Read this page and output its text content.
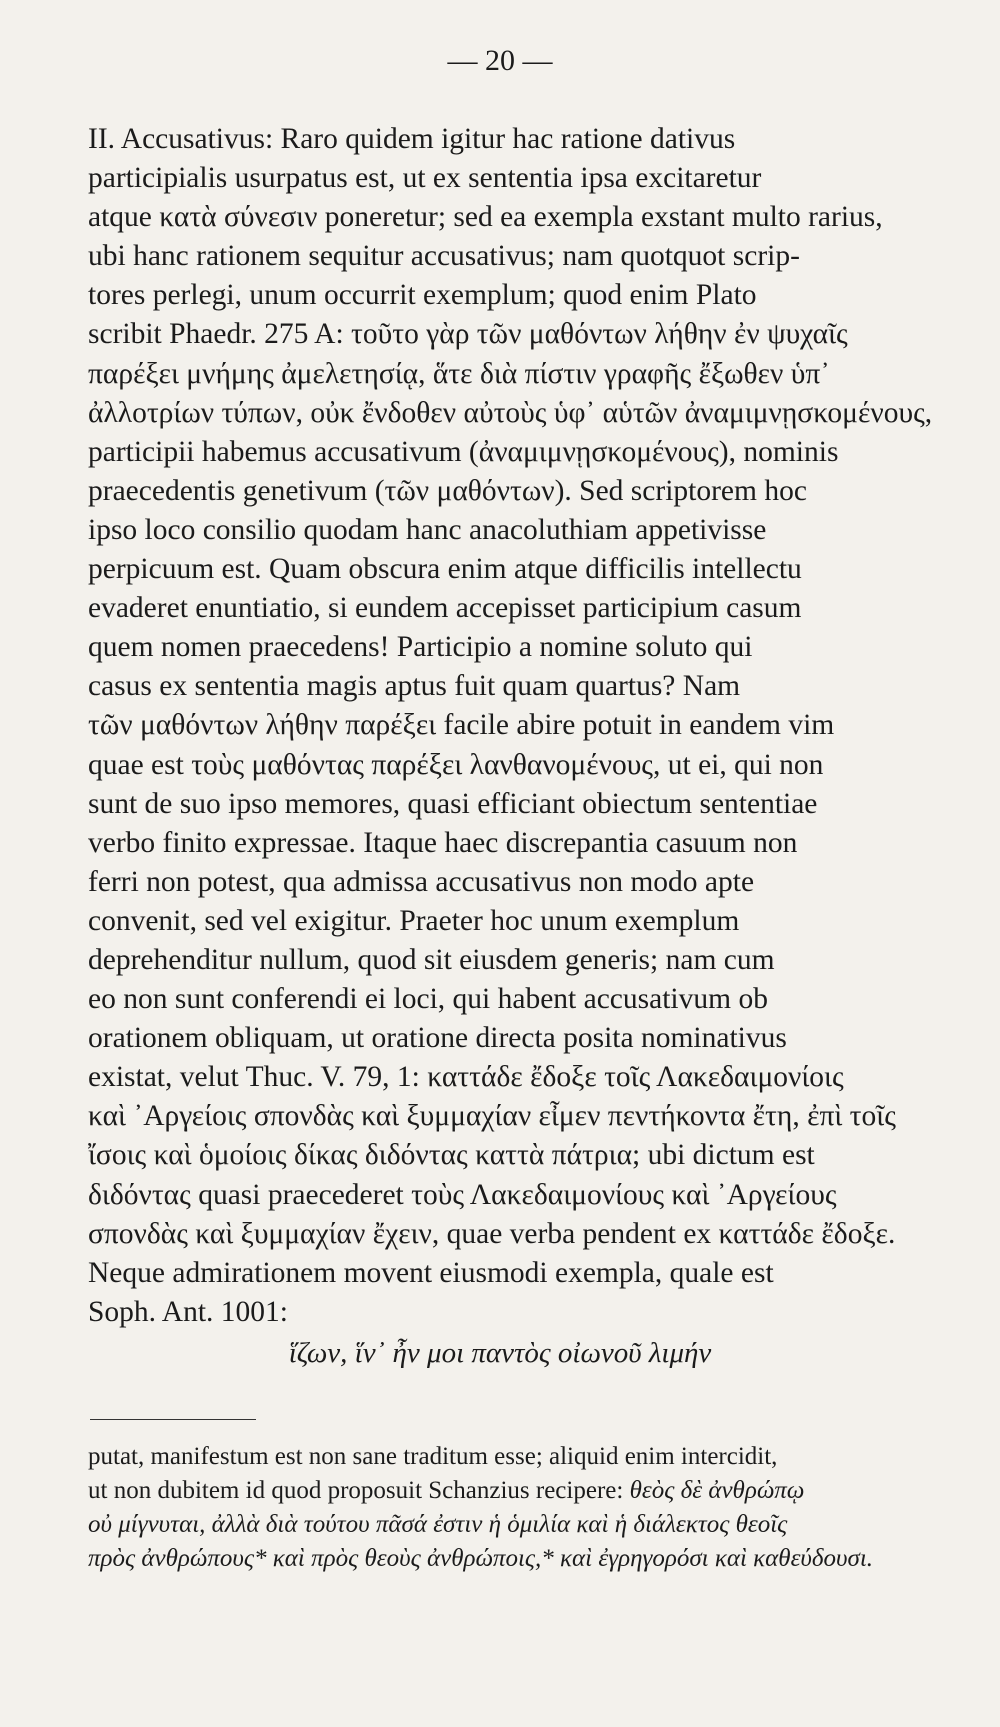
— 20 —
II. Accusativus: Raro quidem igitur hac ratione dativus
participialis usurpatus est, ut ex sententia ipsa excitaretur
atque κατὰ σύνεσιν poneretur; sed ea exempla exstant multo rarius,
ubi hanc rationem sequitur accusativus; nam quotquot scrip-
tores perlegi, unum occurrit exemplum; quod enim Plato
scribit Phaedr. 275 A: τοῦτο γὰρ τῶν μαθόντων λήθην ἐν ψυχαῖς
παρέξει μνήμης ἀμελετησίᾳ, ἅτε διὰ πίστιν γραφῆς ἔξωθεν ὑπ᾿
ἀλλοτρίων τύπων, οὐκ ἔνδοθεν αὐτοὺς ὑφ᾿ αὑτῶν ἀναμιμνῃσκομένους,
participii habemus accusativum (ἀναμιμνῃσκομένους), nominis
praecedentis genetivum (τῶν μαθόντων). Sed scriptorem hoc
ipso loco consilio quodam hanc anacoluthiam appetivisse
perpicuum est. Quam obscura enim atque difficilis intellectu
evaderet enuntiatio, si eundem accepisset participium casum
quem nomen praecedens! Participio a nomine soluto qui
casus ex sententia magis aptus fuit quam quartus? Nam
τῶν μαθόντων λήθην παρέξει facile abire potuit in eandem vim
quae est τοὺς μαθόντας παρέξει λανθανομένους, ut ei, qui non
sunt de suo ipso memores, quasi efficiant obiectum sententiae
verbo finito expressae. Itaque haec discrepantia casuum non
ferri non potest, qua admissa accusativus non modo apte
convenit, sed vel exigitur. Praeter hoc unum exemplum
deprehenditur nullum, quod sit eiusdem generis; nam cum
eo non sunt conferendi ei loci, qui habent accusativum ob
orationem obliquam, ut oratione directa posita nominativus
existat, velut Thuc. V. 79, 1: καττάδε ἔδοξε τοῖς Λακεδαιμονίοις
καὶ ᾿Αργείοις σπονδὰς καὶ ξυμμαχίαν εἶμεν πεντήκοντα ἔτη, ἐπὶ τοῖς
ἴσοις καὶ ὁμοίοις δίκας διδόντας καττὰ πάτρια; ubi dictum est
διδόντας quasi praecederet τοὺς Λακεδαιμονίους καὶ ᾿Αργείους
σπονδὰς καὶ ξυμμαχίαν ἔχειν, quae verba pendent ex καττάδε ἔδοξε.
Neque admirationem movent eiusmodi exempla, quale est
Soph. Ant. 1001:
ἵζων, ἵν᾿ ἦν μοι παντὸς οἰωνοῦ λιμήν
putat, manifestum est non sane traditum esse; aliquid enim intercidit,
ut non dubitem id quod proposuit Schanzius recipere: θεὸς δὲ ἀνθρώπῳ
οὐ μίγνυται, ἀλλὰ διὰ τούτου πᾶσά ἐστιν ἡ ὁμιλία καὶ ἡ διάλεκτος θεοῖς
πρὸς ἀνθρώπους* καὶ πρὸς θεοὺς ἀνθρώποις,* καὶ ἐγρηγορόσι καὶ καθεύδουσι.
